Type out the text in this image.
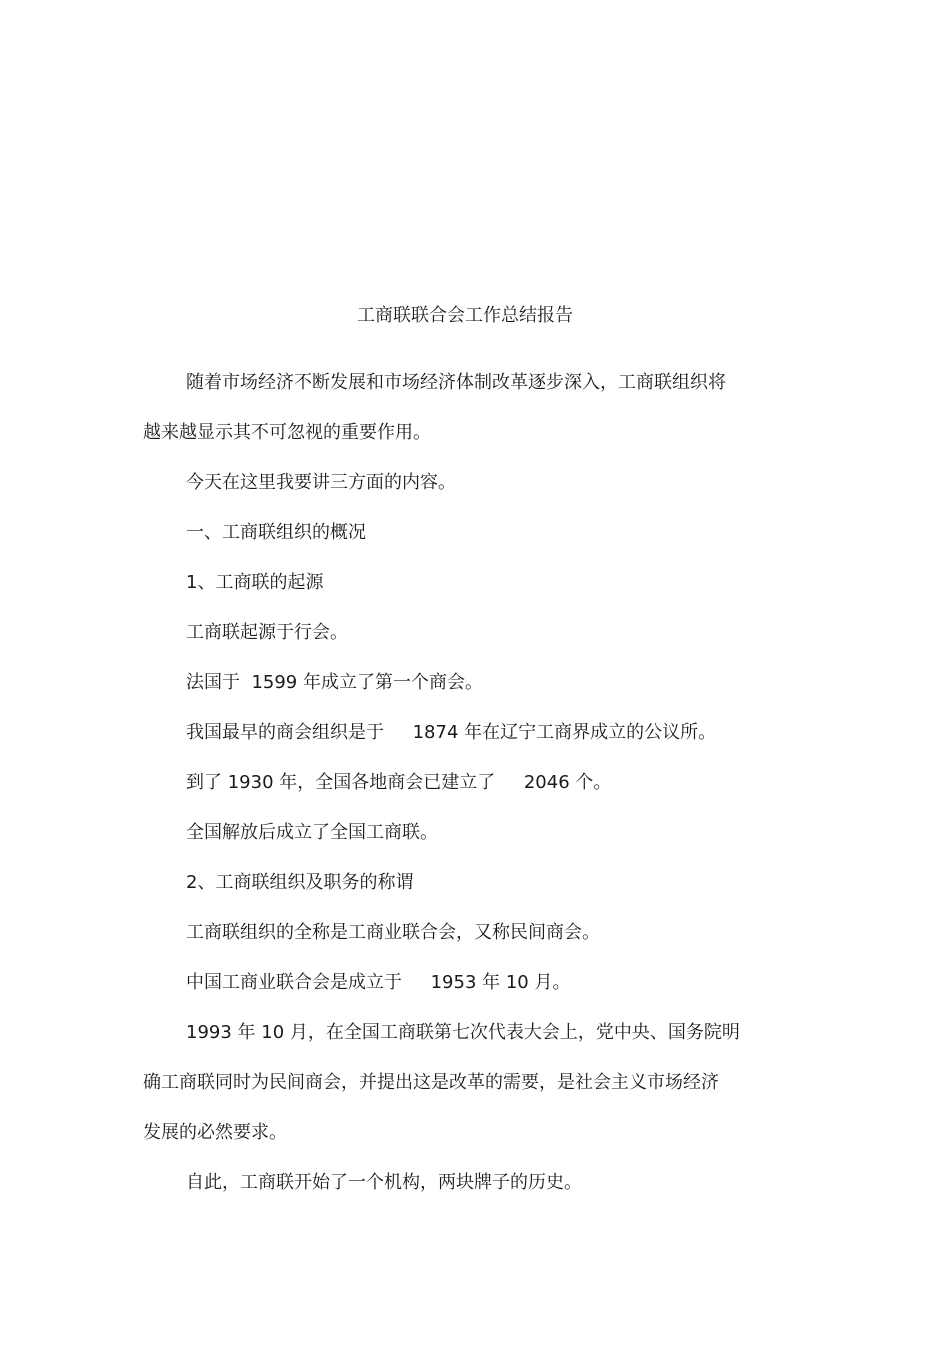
工商联联合会工作总结报告

随着市场经济不断发展和市场经济体制改革逐步深入，工商联组织将

越来越显示其不可忽视的重要作用。

今天在这里我要讲三方面的内容。

一、工商联组织的概况

1、工商联的起源

工商联起源于行会。

法国于  1599 年成立了第一个商会。

我国最早的商会组织是于     1874 年在辽宁工商界成立的公议所。

到了 1930 年，全国各地商会已建立了     2046 个。

全国解放后成立了全国工商联。

2、工商联组织及职务的称谓

工商联组织的全称是工商业联合会，又称民间商会。

中国工商业联合会是成立于     1953 年 10 月。

1993 年 10 月，在全国工商联第七次代表大会上，党中央、国务院明

确工商联同时为民间商会，并提出这是改革的需要，是社会主义市场经济

发展的必然要求。

自此，工商联开始了一个机构，两块牌子的历史。
